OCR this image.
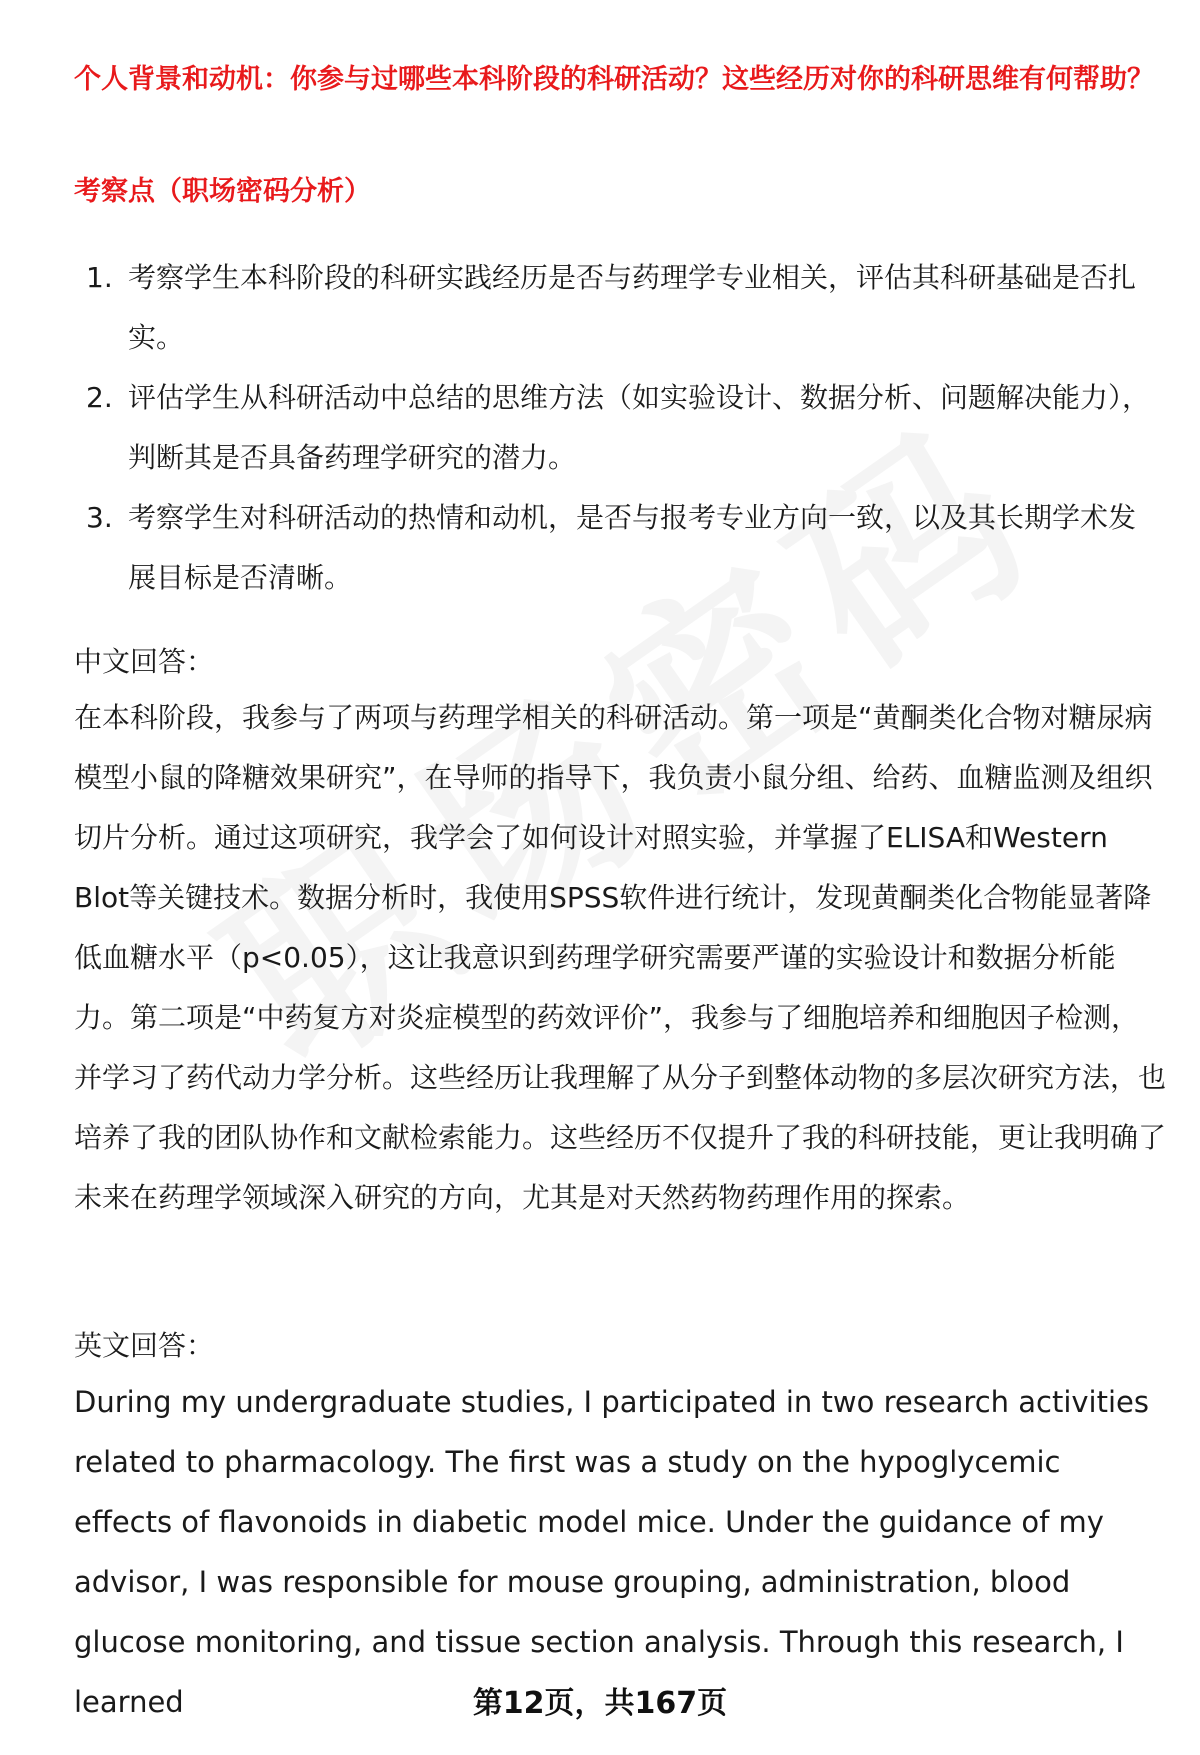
个人背景和动机：你参与过哪些本科阶段的科研活动？这些经历对你的科研思维有何帮助？

考察点（职场密码分析）

1. 考察学生本科阶段的科研实践经历是否与药理学专业相关，评估其科研基础是否扎实。
2. 评估学生从科研活动中总结的思维方法（如实验设计、数据分析、问题解决能力），判断其是否具备药理学研究的潜力。
3. 考察学生对科研活动的热情和动机，是否与报考专业方向一致，以及其长期学术发展目标是否清晰。
中文回答：

在本科阶段，我参与了两项与药理学相关的科研活动。第一项是“黄酮类化合物对糖尿病模型小鼠的降糖效果研究”，在导师的指导下，我负责小鼠分组、给药、血糖监测及组织切片分析。通过这项研究，我学会了如何设计对照实验，并掌握了ELISA和Western Blot等关键技术。数据分析时，我使用SPSS软件进行统计，发现黄酮类化合物能显著降低血糖水平（p<0.05），这让我意识到药理学研究需要严谨的实验设计和数据分析能力。第二项是“中药复方对炎症模型的药效评价”，我参与了细胞培养和细胞因子检测，并学习了药代动力学分析。这些经历让我理解了从分子到整体动物的多层次研究方法，也培养了我的团队协作和文献检索能力。这些经历不仅提升了我的科研技能，更让我明确了未来在药理学领域深入研究的方向，尤其是对天然药物药理作用的探索。

英文回答：

During my undergraduate studies, I participated in two research activities related to pharmacology. The first was a study on the hypoglycemic effects of flavonoids in diabetic model mice. Under the guidance of my advisor, I was responsible for mouse grouping, administration, blood glucose monitoring, and tissue section analysis. Through this research, I learned	第12页，共167页
